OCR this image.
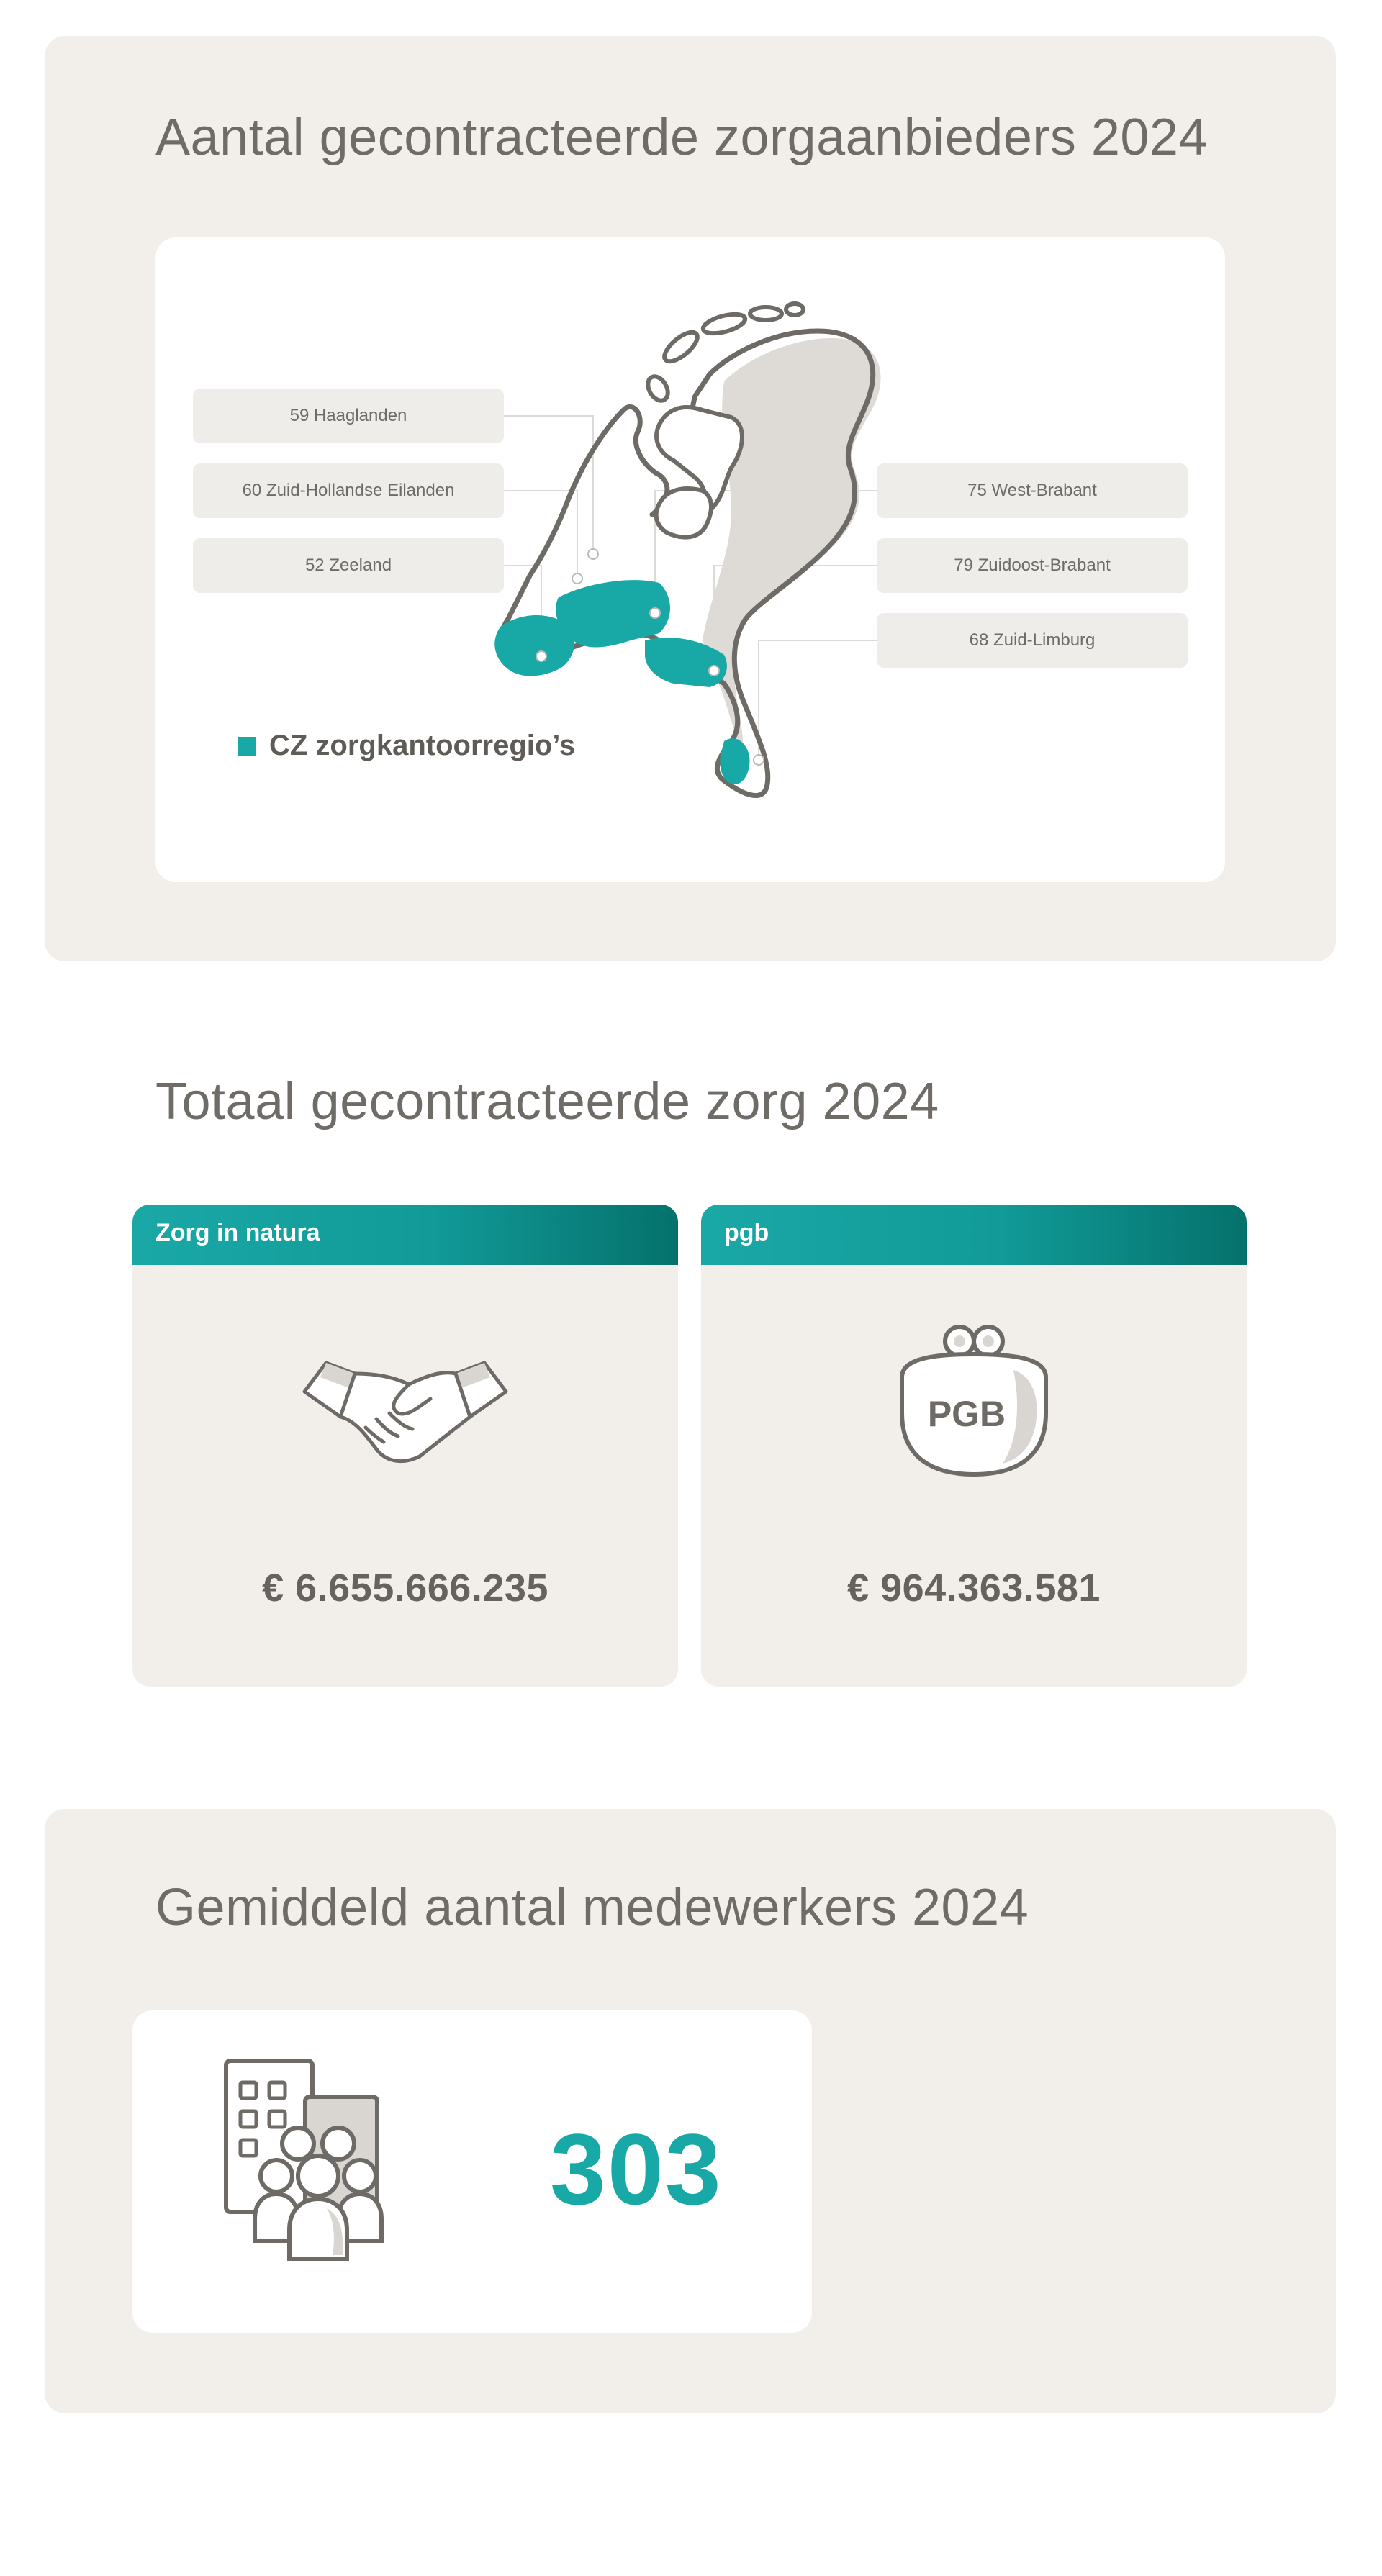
Aantal gecontracteerde zorgaanbieders 2024
59 Haaglanden
60 Zuid-Hollandse Eilanden
52 Zeeland
75 West-Brabant
79 Zuidoost-Brabant
68 Zuid-Limburg
CZ zorgkantoorregio’s
Totaal gecontracteerde zorg 2024
Zorg in natura
€ 6.655.666.235
pgb
PGB
€ 964.363.581
Gemiddeld aantal medewerkers 2024
303
